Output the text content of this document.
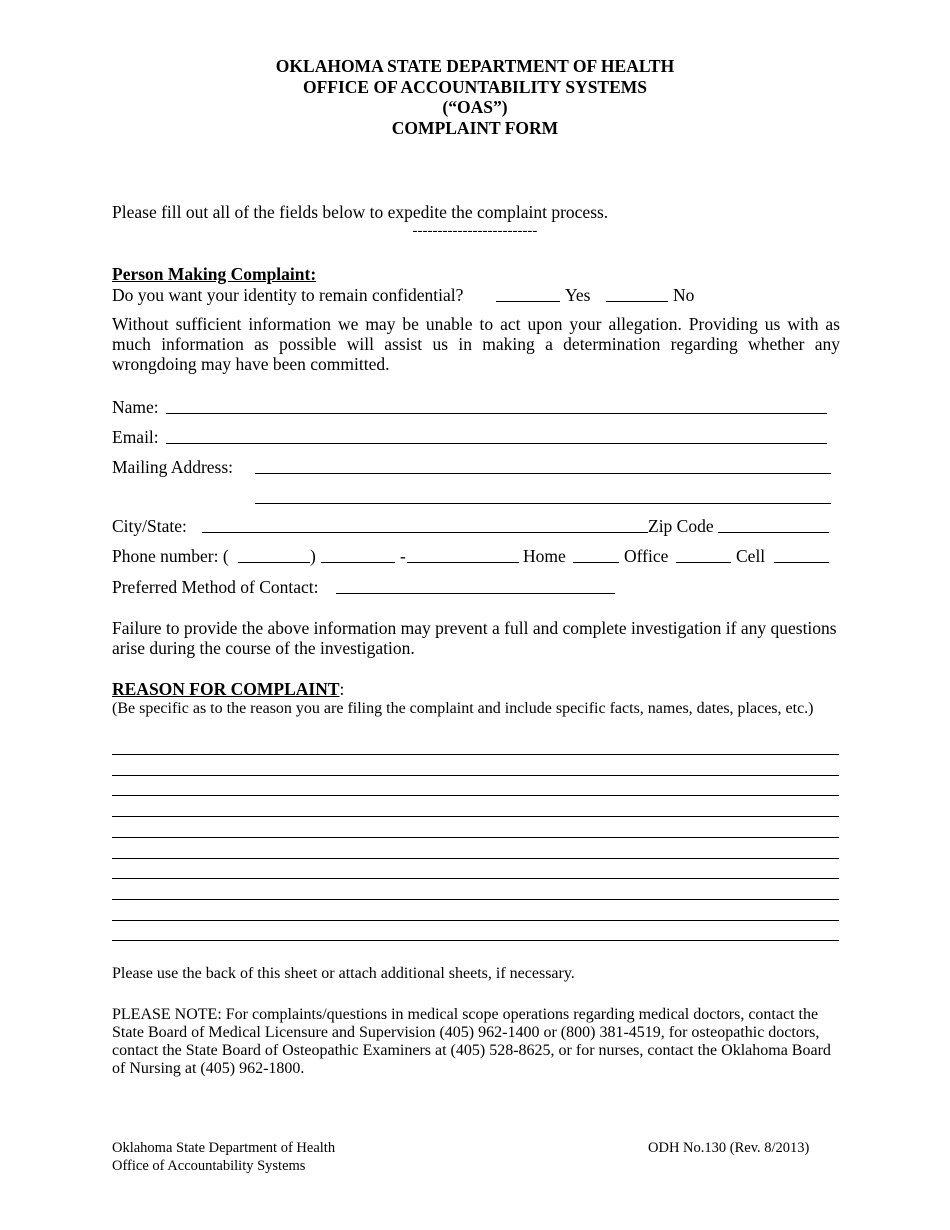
OKLAHOMA STATE DEPARTMENT OF HEALTH
OFFICE OF ACCOUNTABILITY SYSTEMS
(“OAS”)
COMPLAINT FORM
Please fill out all of the fields below to expedite the complaint process.
-------------------------
Person Making Complaint:
Do you want your identity to remain confidential?	Yes	No
Without sufficient information we may be unable to act upon your allegation. Providing us with as much information as possible will assist us in making a determination regarding whether any wrongdoing may have been committed.
Name:
Email:
Mailing Address:
City/State:	Zip Code
Phone number: (	)	-	Home	Office	Cell
Preferred Method of Contact:
Failure to provide the above information may prevent a full and complete investigation if any questions arise during the course of the investigation.
REASON FOR COMPLAINT:
(Be specific as to the reason you are filing the complaint and include specific facts, names, dates, places, etc.)
Please use the back of this sheet or attach additional sheets, if necessary.
PLEASE NOTE: For complaints/questions in medical scope operations regarding medical doctors, contact the State Board of Medical Licensure and Supervision (405) 962-1400 or (800) 381-4519, for osteopathic doctors, contact the State Board of Osteopathic Examiners at (405) 528-8625, or for nurses, contact the Oklahoma Board of Nursing at (405) 962-1800.
Oklahoma State Department of Health
Office of Accountability Systems
ODH No.130 (Rev. 8/2013)
